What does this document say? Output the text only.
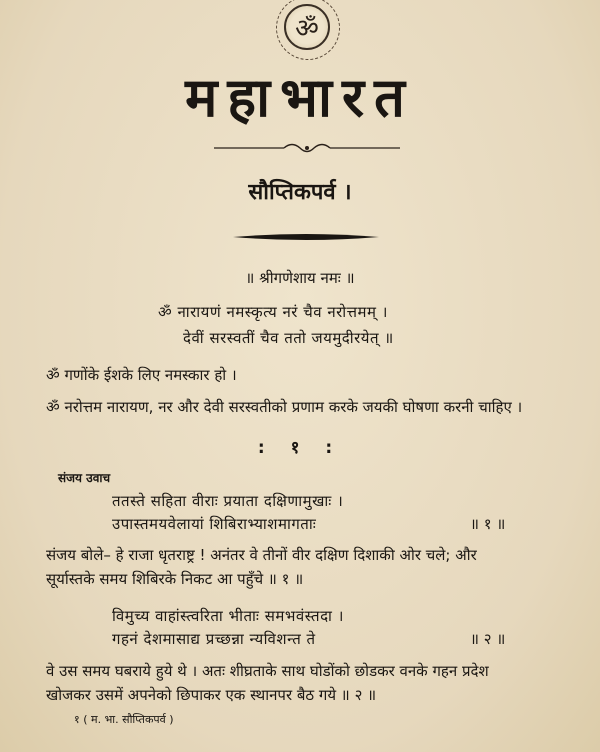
ॐ
महाभारत
सौप्तिकपर्व ।
॥ श्रीगणेशाय नमः ॥
ॐ नारायणं नमस्कृत्य नरं चैव नरोत्तमम् ।
देवीं सरस्वतीं चैव ततो जयमुदीरयेत् ॥
ॐ गणोंके ईशके लिए नमस्कार हो ।
ॐ नरोत्तम नारायण, नर और देवी सरस्वतीको प्रणाम करके जयकी घोषणा करनी चाहिए ।
: १ :
संजय उवाच
ततस्ते सहिता वीराः प्रयाता दक्षिणामुखाः ।
उपास्तमयवेलायां शिबिराभ्याशमागताः	॥ १ ॥
संजय बोले– हे राजा धृतराष्ट्र ! अनंतर वे तीनों वीर दक्षिण दिशाकी ओर चले; और
सूर्यास्तके समय शिबिरके निकट आ पहुँचे ॥ १ ॥
विमुच्य वाहांस्त्वरिता भीताः समभवंस्तदा ।
गहनं देशमासाद्य प्रच्छन्ना न्यविशन्त ते	॥ २ ॥
वे उस समय घबराये हुये थे । अतः शीघ्रताके साथ घोडोंको छोडकर वनके गहन प्रदेश
खोजकर उसमें अपनेको छिपाकर एक स्थानपर बैठ गये ॥ २ ॥
१ ( म. भा. सौप्तिकपर्व )
